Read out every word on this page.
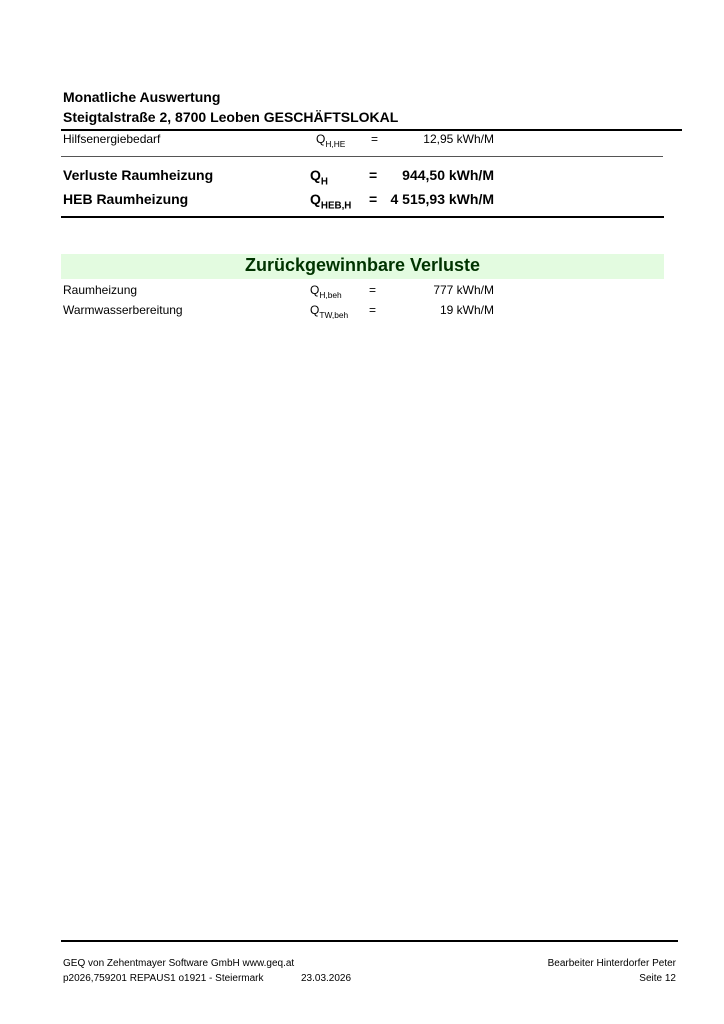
Monatliche Auswertung
Steigtalstraße 2, 8700 Leoben GESCHÄFTSLOKAL
Hilfsenergiebedarf	$Q_{H,HE}$ =	12,95 kWh/M
Verluste Raumheizung	$Q_H$	= 944,50 kWh/M
HEB Raumheizung	$Q_{HEB,H} = 4$ 515,93 kWh/M
Zurückgewinnbare Verluste
Raumheizung	$Q_{H,beh}$ =	777 kWh/M
Warmwasserbereitung	$Q_{TW,beh}$ =	19 kWh/M
GEQ von Zehentmayer Software GmbH www.geq.at
p2026,759201 REPAUS1 o1921 - Steiermark	23.03.2026
Bearbeiter Hinterdorfer Peter
Seite 12
